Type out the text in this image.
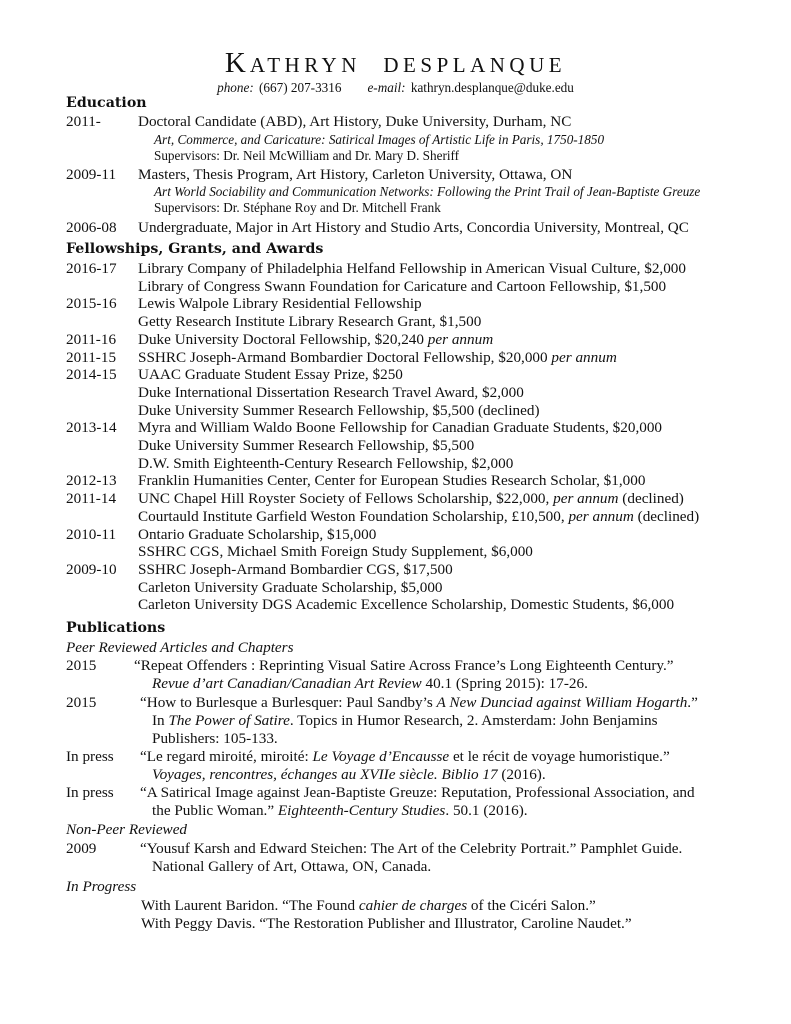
KATHRYN DESPLANQUE
phone: (667) 207-3316 e-mail: kathryn.desplanque@duke.edu
Education
2011- Doctoral Candidate (ABD), Art History, Duke University, Durham, NC
Art, Commerce, and Caricature: Satirical Images of Artistic Life in Paris, 1750-1850
Supervisors: Dr. Neil McWilliam and Dr. Mary D. Sheriff
2009-11 Masters, Thesis Program, Art History, Carleton University, Ottawa, ON
Art World Sociability and Communication Networks: Following the Print Trail of Jean-Baptiste Greuze
Supervisors: Dr. Stéphane Roy and Dr. Mitchell Frank
2006-08 Undergraduate, Major in Art History and Studio Arts, Concordia University, Montreal, QC
Fellowships, Grants, and Awards
2016-17 Library Company of Philadelphia Helfand Fellowship in American Visual Culture, $2,000
Library of Congress Swann Foundation for Caricature and Cartoon Fellowship, $1,500
2015-16 Lewis Walpole Library Residential Fellowship
Getty Research Institute Library Research Grant, $1,500
2011-16 Duke University Doctoral Fellowship, $20,240 per annum
2011-15 SSHRC Joseph-Armand Bombardier Doctoral Fellowship, $20,000 per annum
2014-15 UAAC Graduate Student Essay Prize, $250
Duke International Dissertation Research Travel Award, $2,000
Duke University Summer Research Fellowship, $5,500 (declined)
2013-14 Myra and William Waldo Boone Fellowship for Canadian Graduate Students, $20,000
Duke University Summer Research Fellowship, $5,500
D.W. Smith Eighteenth-Century Research Fellowship, $2,000
2012-13 Franklin Humanities Center, Center for European Studies Research Scholar, $1,000
2011-14 UNC Chapel Hill Royster Society of Fellows Scholarship, $22,000, per annum (declined)
Courtauld Institute Garfield Weston Foundation Scholarship, £10,500, per annum (declined)
2010-11 Ontario Graduate Scholarship, $15,000
SSHRC CGS, Michael Smith Foreign Study Supplement, $6,000
2009-10 SSHRC Joseph-Armand Bombardier CGS, $17,500
Carleton University Graduate Scholarship, $5,000
Carleton University DGS Academic Excellence Scholarship, Domestic Students, $6,000
Publications
Peer Reviewed Articles and Chapters
2015 “Repeat Offenders : Reprinting Visual Satire Across France’s Long Eighteenth Century.”
Revue d’art Canadian/Canadian Art Review 40.1 (Spring 2015): 17-26.
2015	“How to Burlesque a Burlesquer: Paul Sandby’s A New Dunciad against William Hogarth.”
In The Power of Satire. Topics in Humor Research, 2. Amsterdam: John Benjamins
Publishers: 105-133.
In press “Le regard miroité, miroité: Le Voyage d’Encausse et le récit de voyage humoristique.”
Voyages, rencontres, échanges au XVIIe siècle. Biblio 17 (2016).
In press “A Satirical Image against Jean-Baptiste Greuze: Reputation, Professional Association, and
the Public Woman.” Eighteenth-Century Studies. 50.1 (2016).
Non-Peer Reviewed
2009	“Yousuf Karsh and Edward Steichen: The Art of the Celebrity Portrait.” Pamphlet Guide.
National Gallery of Art, Ottawa, ON, Canada.
In Progress
With Laurent Baridon. “The Found cahier de charges of the Cicéri Salon.”
With Peggy Davis. “The Restoration Publisher and Illustrator, Caroline Naudet.”
